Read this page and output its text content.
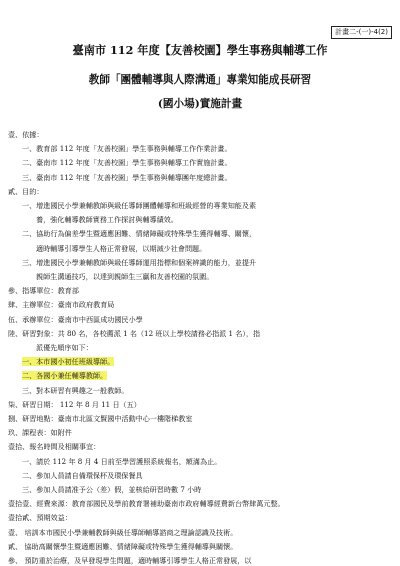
計畫二-(一)-4(2)
臺南市 112 年度【友善校園】學生事務與輔導工作
教師「團體輔導與人際溝通」專業知能成長研習
(國小場)實施計畫
壹、依據：
一、教育部 112 年度「友善校園」學生事務與輔導工作作業計畫。
二、臺南市 112 年度「友善校園」學生事務與輔導工作實施計畫。
三、臺南市 112 年度「友善校園」學生事務與輔導團年度總計畫。
貳、目的：
一、增進國民小學兼輔教師與級任導師團體輔導和班級經營的專業知能及素
養，強化輔導教師實務工作探討與輔導績效。
二、協助行為偏差學生暨適應困難、情緒障礙或特殊學生獲得輔導、關懷，
適時輔導引導學生人格正常發展，以期減少社會問題。
三、增進國民小學兼輔教師與級任導師運用指標和個案辨識的能力，並提升
親師生溝通技巧，以達到親師生三贏和友善校園的氛圍。
參、指導單位：教育部
肆、主辦單位：臺南市政府教育局
伍、承辦單位：臺南市中西區成功國民小學
陸、研習對象：共 80 名，各校薦派 1 名（12 班以上學校請務必指派 1 名），指
派優先順序如下：
一、本市國小初任班級導師。
二、各國小兼任輔導教師。
三、對本研習有興趣之一般教師。
柒、研習日期： 112 年 8 月 11 日（五）
捌、研習地點：臺南市北區文賢國中活動中心一樓階梯教室
玖、課程表：如附件
壹拾、報名時間及相關事宜：
一、請於 112 年 8 月 4 日前至學習護照系統報名，額滿為止。
二、參加人員請自備環保杯及環保餐具
三、參加人員請准予公（差）假，並核給研習時數 7 小時
壹拾壹、經費來源：教育部國民及學前教育署補助臺南市政府輔導經費新台幣肆萬元整。
壹拾貳、預期效益：
壹、 培訓本市國民小學兼輔教師與級任導師輔導諮商之理論認識及技術。
貳、 協助高關懷學生暨適應困難、情緒障礙或特殊學生獲得輔導與關懷。
參、 預防重於治療，及早發現學生問題，適時輔導引導學生人格正常發展，以
